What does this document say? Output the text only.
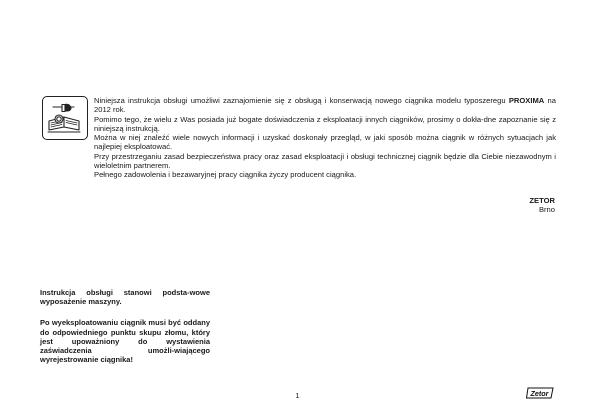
Niniejsza instrukcja obsługi umożliwi zaznajomienie się z obsługą i konserwacją nowego ciągnika modelu typoszeregu PROXIMA na 2012 rok.

Pomimo tego, że wielu z Was posiada już bogate doświadczenia z eksploatacji innych ciągników, prosimy o dokła-dne zapoznanie się z niniejszą instrukcją.

Można w niej znaleźć wiele nowych informacji i uzyskać doskonały przegląd, w jaki sposób można ciągnik w różnych sytuacjach jak najlepiej eksploatować.

Przy przestrzeganiu zasad bezpieczeństwa pracy oraz zasad eksploatacji i obsługi technicznej ciągnik będzie dla Ciebie niezawodnym i wieloletnim partnerem.

Pełnego zadowolenia i bezawaryjnej pracy ciągnika życzy producent ciągnika.

ZETOR
Brno

Instrukcja obsługi stanowi podsta-wowe wyposażenie maszyny.

Po wyeksploatowaniu ciągnik musi być oddany do odpowiedniego punktu skupu złomu, który jest upoważniony do wystawienia zaświadczenia umożli-wiającego wyrejestrowanie ciągnika!

1	Zetor
